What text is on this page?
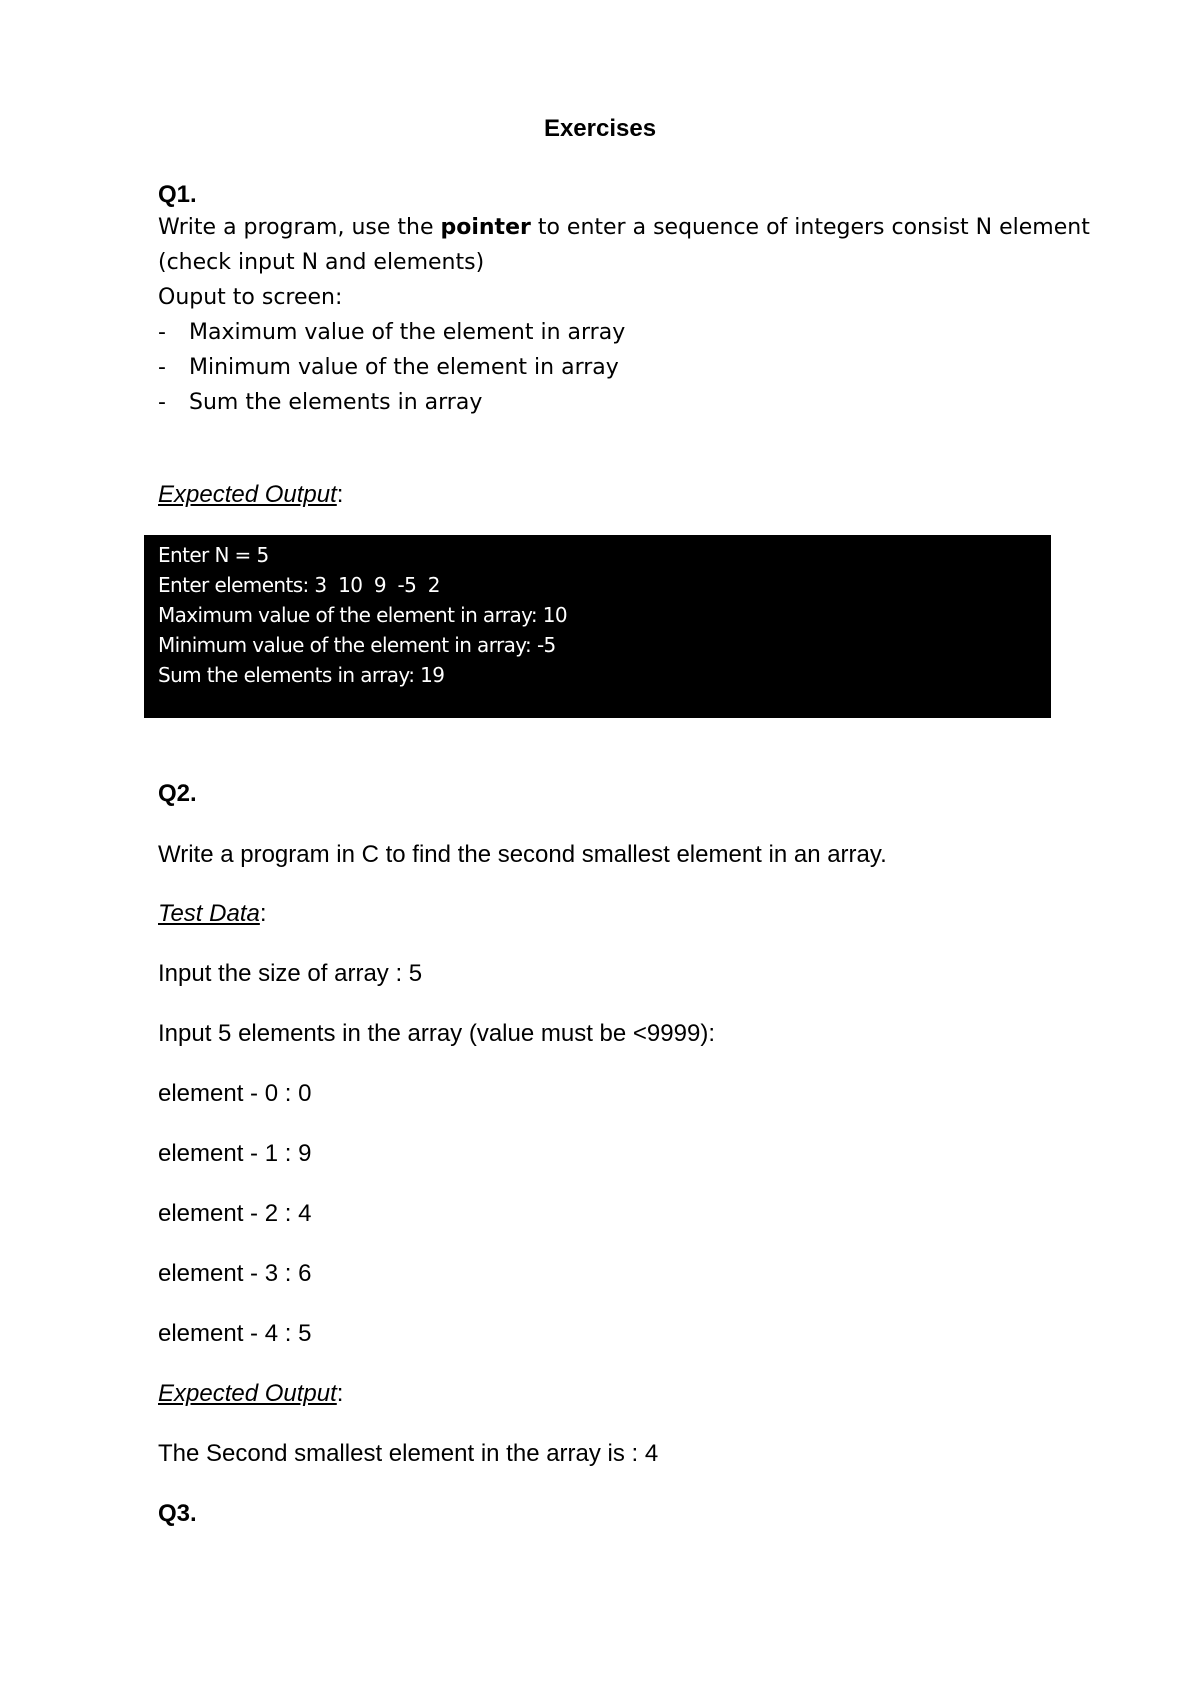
Exercises
Q1.

Write a program, use the pointer to enter a sequence of integers consist N element

(check input N and elements)

Ouput to screen:

- Maximum value of the element in array
- Minimum value of the element in array
- Sum the elements in array
Expected Output:
Enter N = 5
Enter elements: 3  10  9  -5  2
Maximum value of the element in array: 10
Minimum value of the element in array: -5
Sum the elements in array: 19
Q2.
Write a program in C to find the second smallest element in an array.
Test Data:
Input the size of array : 5
Input 5 elements in the array (value must be <9999):
element - 0 : 0
element - 1 : 9
element - 2 : 4
element - 3 : 6
element - 4 : 5
Expected Output:
The Second smallest element in the array is : 4
Q3.
